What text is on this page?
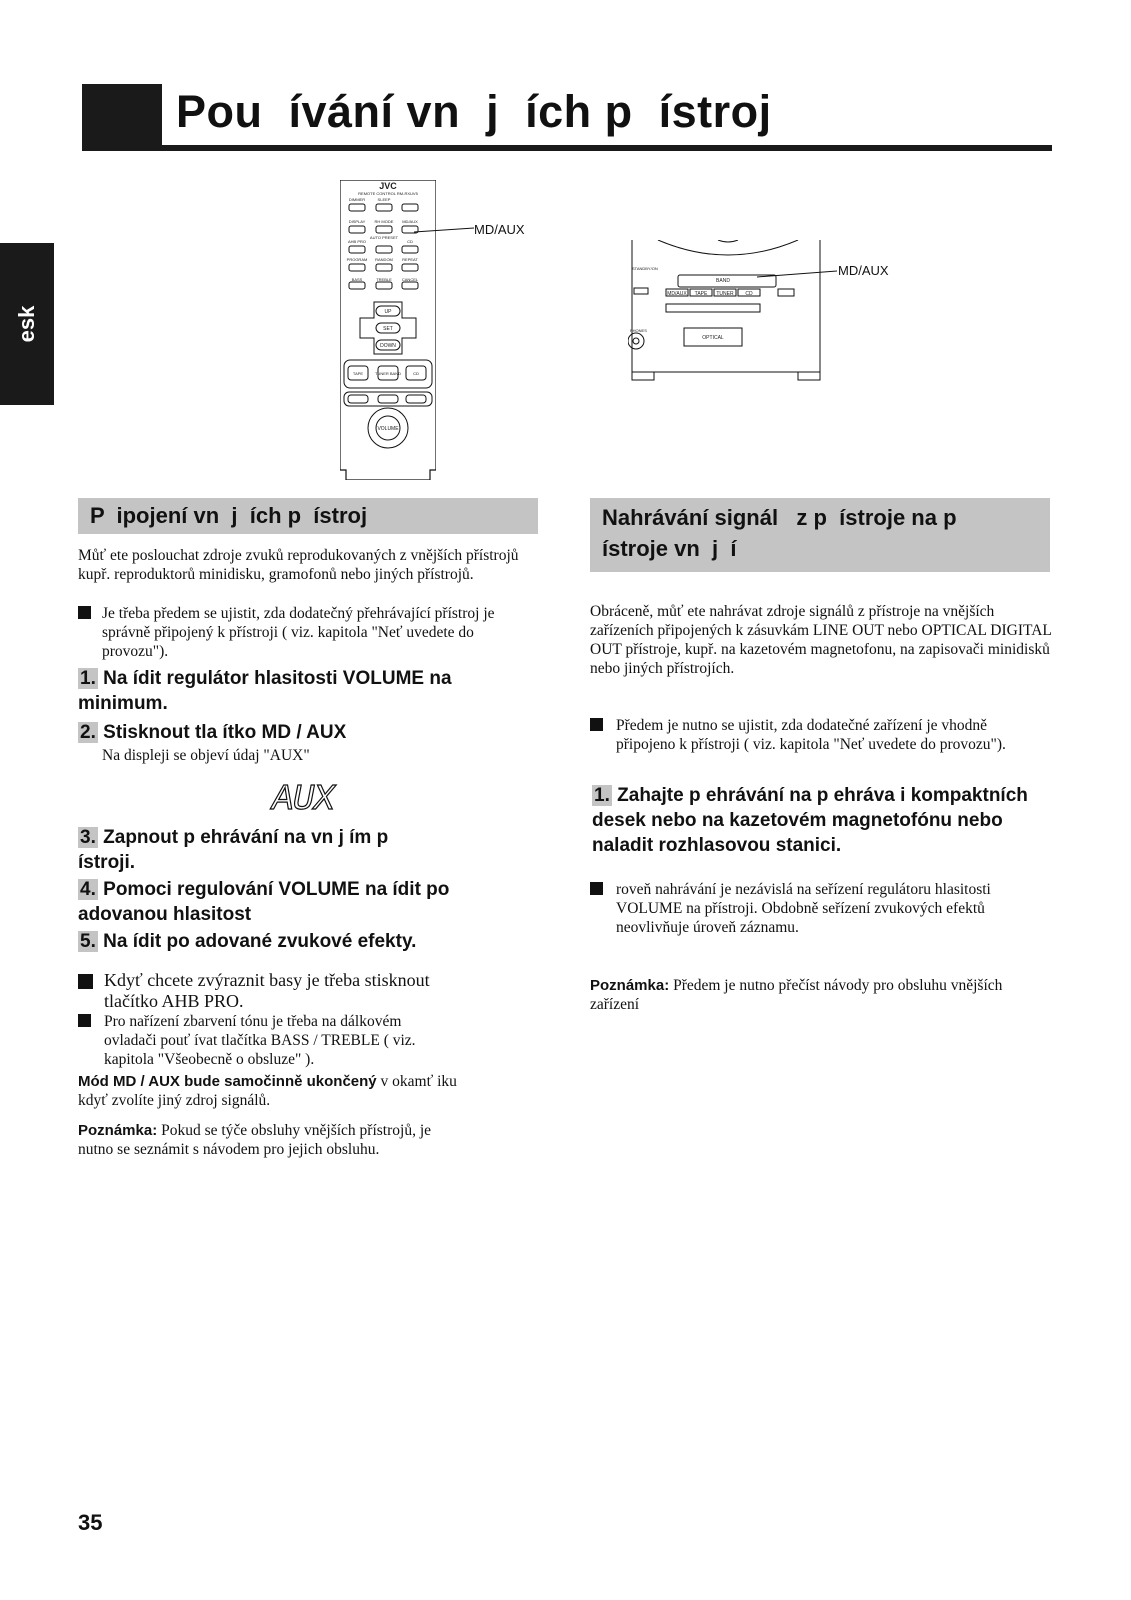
Pou  ívání vn  j  ích p  ístroj
esk
JVC
REMOTE CONTROL RM-RXUV5
DIMMER	SLEEP
DISPLAY RH MODE MD/AUX
AUTO PRESET
AHB PRO	CD
PROGRAM RANDOM REPEAT
BASS	TREBLE	CANCEL
UP
SET
DOWN
TAPE	TUNER BAND	CD
VOLUME
MD/AUX
STANDBY/ON
BAND
MD/AUX TAPE TUNER CD
PHONES
OPTICAL
MD/AUX
P  ipojení vn  j  ích p  ístroj
Můť ete poslouchat zdroje zvuků reprodukovaných z vnějších přístrojů kupř. reproduktorů minidisku, gramofonů nebo jiných přístrojů.
Je třeba předem se ujistit, zda dodatečný přehrávající přístroj je správně připojený k přístroji ( viz. kapitola "Neť uvedete do provozu").
1. Na ídit regulátor hlasitosti VOLUME na minimum.
2. Stisknout tla ítko MD / AUX
Na displeji se objeví údaj "AUX"
AUX
3. Zapnout p ehrávání na vn j ím p ístroji.
4. Pomoci regulování VOLUME na ídit po adovanou hlasitost
5. Na ídit po adované zvukové efekty.
Kdyť chcete zvýraznit basy je třeba stisknout tlačítko AHB PRO.
Pro nařízení zbarvení tónu je třeba na dálkovém ovladači pouť ívat tlačítka BASS / TREBLE ( viz. kapitola "Všeobecně o obsluze" ).
Mód MD / AUX bude samočinně ukončený v okamť iku kdyť zvolíte jiný zdroj signálů.
Poznámka: Pokud se týče obsluhy vnějších přístrojů, je nutno se seznámit s návodem pro jejich obsluhu.
Nahrávání signál   z p  ístroje na p  ístroje vn  j  í
Obráceně, můť ete nahrávat zdroje signálů z přístroje na vnějších zařízeních připojených k zásuvkám LINE OUT nebo OPTICAL DIGITAL OUT přístroje, kupř. na kazetovém magnetofonu, na zapisovači minidisků nebo jiných přístrojích.
Předem je nutno se ujistit, zda dodatečné zařízení je vhodně připojeno k přístroji ( viz. kapitola "Neť uvedete do provozu").
1. Zahajte p ehrávání na p ehráva i kompaktních desek nebo na kazetovém magnetofónu nebo naladit rozhlasovou stanici.
roveň nahrávání je nezávislá na seřízení regulátoru hlasitosti VOLUME na přístroji. Obdobně seřízení zvukových efektů neovlivňuje úroveň záznamu.
Poznámka: Předem je nutno přečíst návody pro obsluhu vnějších zařízení
35
